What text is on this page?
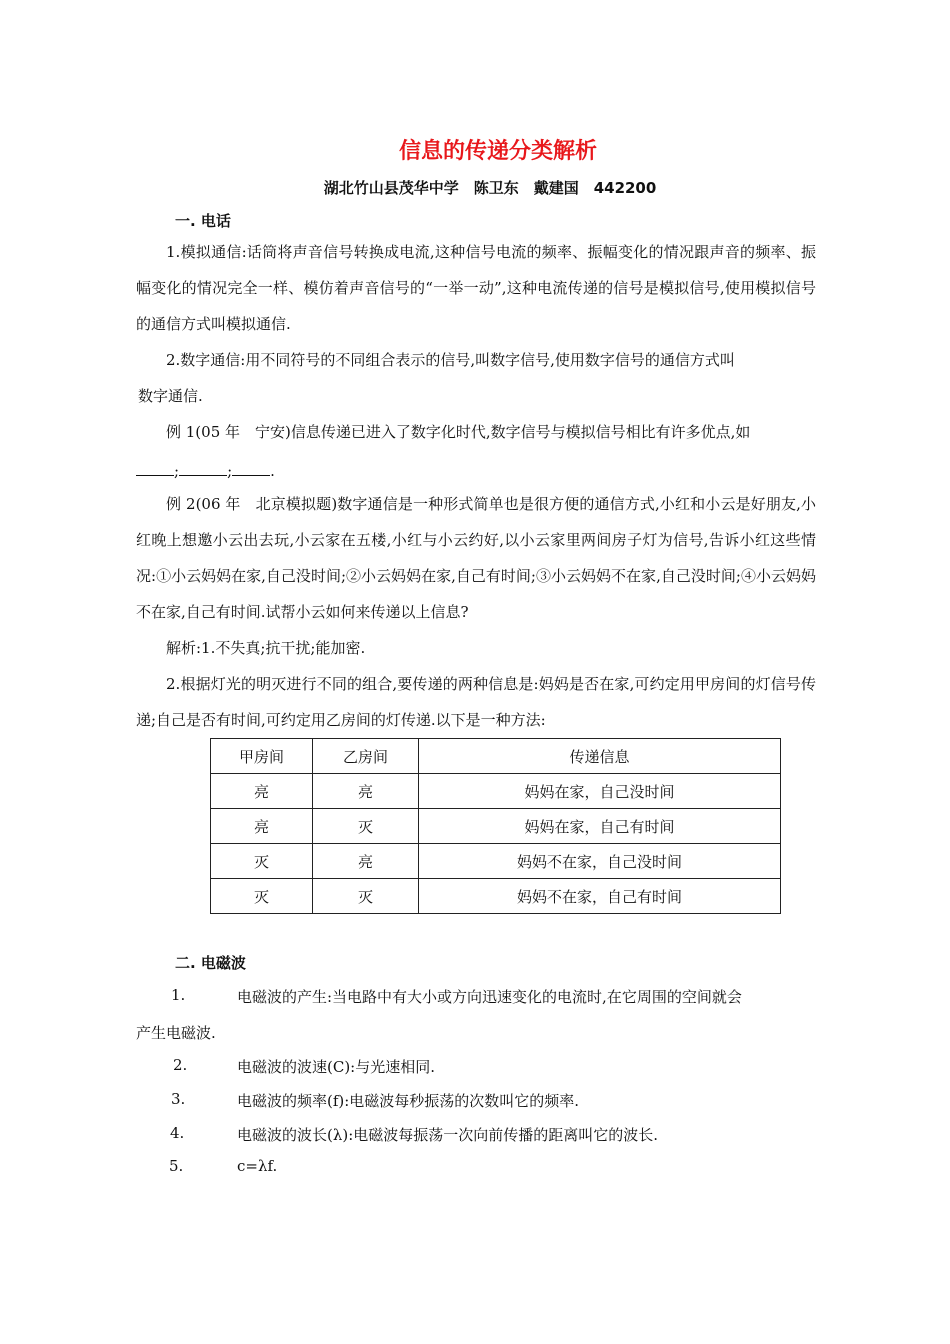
信息的传递分类解析
湖北竹山县茂华中学　陈卫东　戴建国　442200
一. 电话

1.模拟通信:话筒将声音信号转换成电流,这种信号电流的频率、振幅变化的情况跟声音的频率、振幅变化的情况完全一样、模仿着声音信号的“一举一动”,这种电流传递的信号是模拟信号,使用模拟信号的通信方式叫模拟通信.

2.数字通信:用不同符号的不同组合表示的信号,叫数字信号,使用数字信号的通信方式叫

数字通信.

例 1(05 年　宁安)信息传递已进入了数字化时代,数字信号与模拟信号相比有许多优点,如

;	;	.

例 2(06 年　北京模拟题)数字通信是一种形式简单也是很方便的通信方式,小红和小云是好朋友,小红晚上想邀小云出去玩,小云家在五楼,小红与小云约好,以小云家里两间房子灯为信号,告诉小红这些情况:①小云妈妈在家,自己没时间;②小云妈妈在家,自己有时间;③小云妈妈不在家,自己没时间;④小云妈妈不在家,自己有时间.试帮小云如何来传递以上信息?

解析:1.不失真;抗干扰;能加密.

2.根据灯光的明灭进行不同的组合,要传递的两种信息是:妈妈是否在家,可约定用甲房间的灯信号传递;自己是否有时间,可约定用乙房间的灯传递.以下是一种方法:

甲房间	乙房间	传递信息
亮	亮	妈妈在家，自己没时间
亮	灭	妈妈在家，自己有时间
灭	亮	妈妈不在家，自己没时间
灭	灭	妈妈不在家，自己有时间
二. 电磁波
1.	电磁波的产生:当电路中有大小或方向迅速变化的电流时,在它周围的空间就会
产生电磁波.
2.	电磁波的波速(C):与光速相同.
3.	电磁波的频率(f):电磁波每秒振荡的次数叫它的频率.
4.	电磁波的波长(λ):电磁波每振荡一次向前传播的距离叫它的波长.
5.	c=λf.
